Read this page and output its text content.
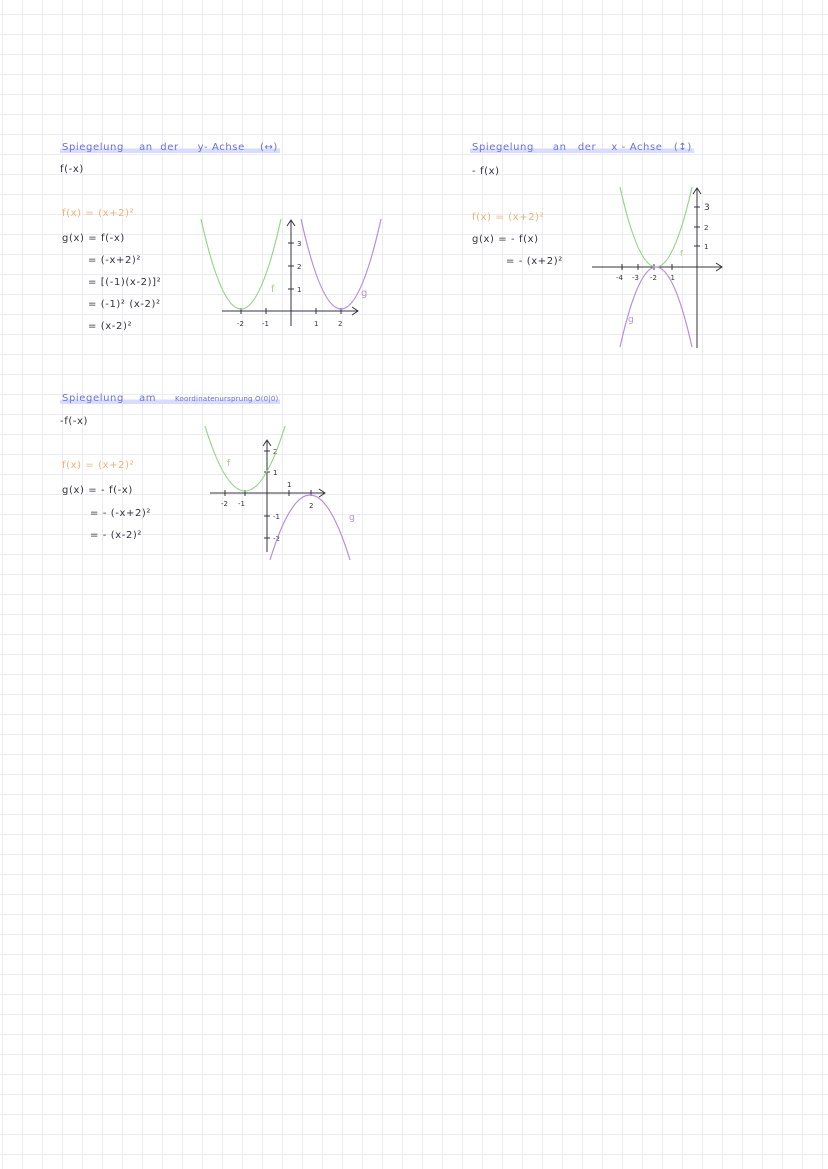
Spiegelung an der y- Achse (↔)
f(-x)
f(x) = (x+2)²
g(x) = f(-x)
= (-x+2)²
= [(-1)(x-2)]²
= (-1)² (x-2)²
= (x-2)²	-2	-1	1	2
3
2
1
f	g
Spiegelung an der x - Achse (↕)
- f(x)
f(x) = (x+2)²
g(x) = - f(x)
= - (x+2)²
-4 -3 -2 -1
3
2
1
f
g
Spiegelung am	Koordinatenursprung O(0|0)
-f(-x)
f(x) = (x+2)²
g(x) = - f(-x)
= - (-x+2)²
= - (x-2)²
-2 -1
1
2
2
1
-1
-2
f
g
